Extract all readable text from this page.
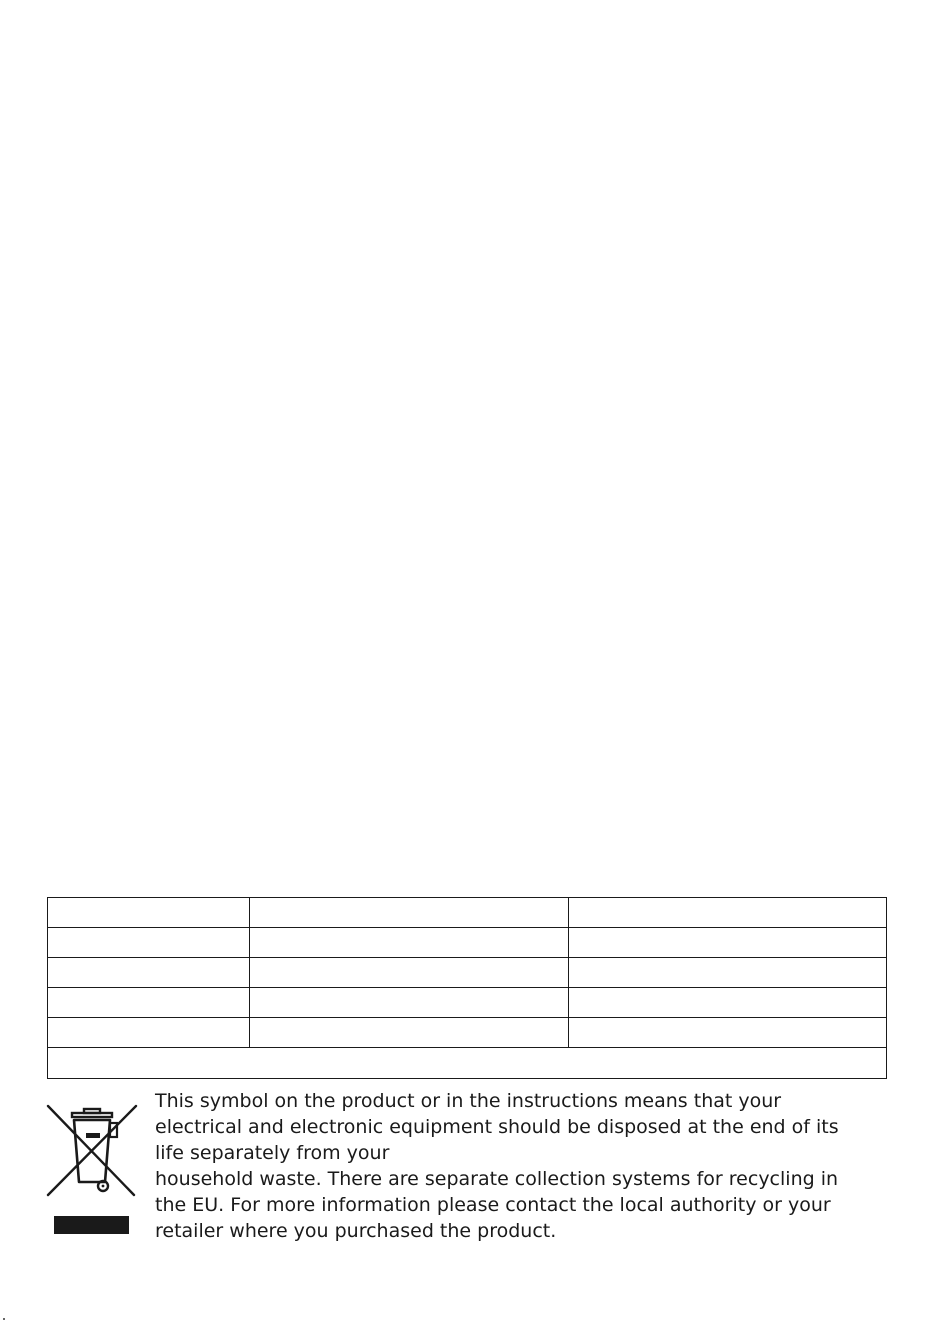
This symbol on the product or in the instructions means that your
electrical and electronic equipment should be disposed at the end of its
life separately from your
household waste. There are separate collection systems for recycling in
the EU. For more information please contact the local authority or your
retailer where you purchased the product.
